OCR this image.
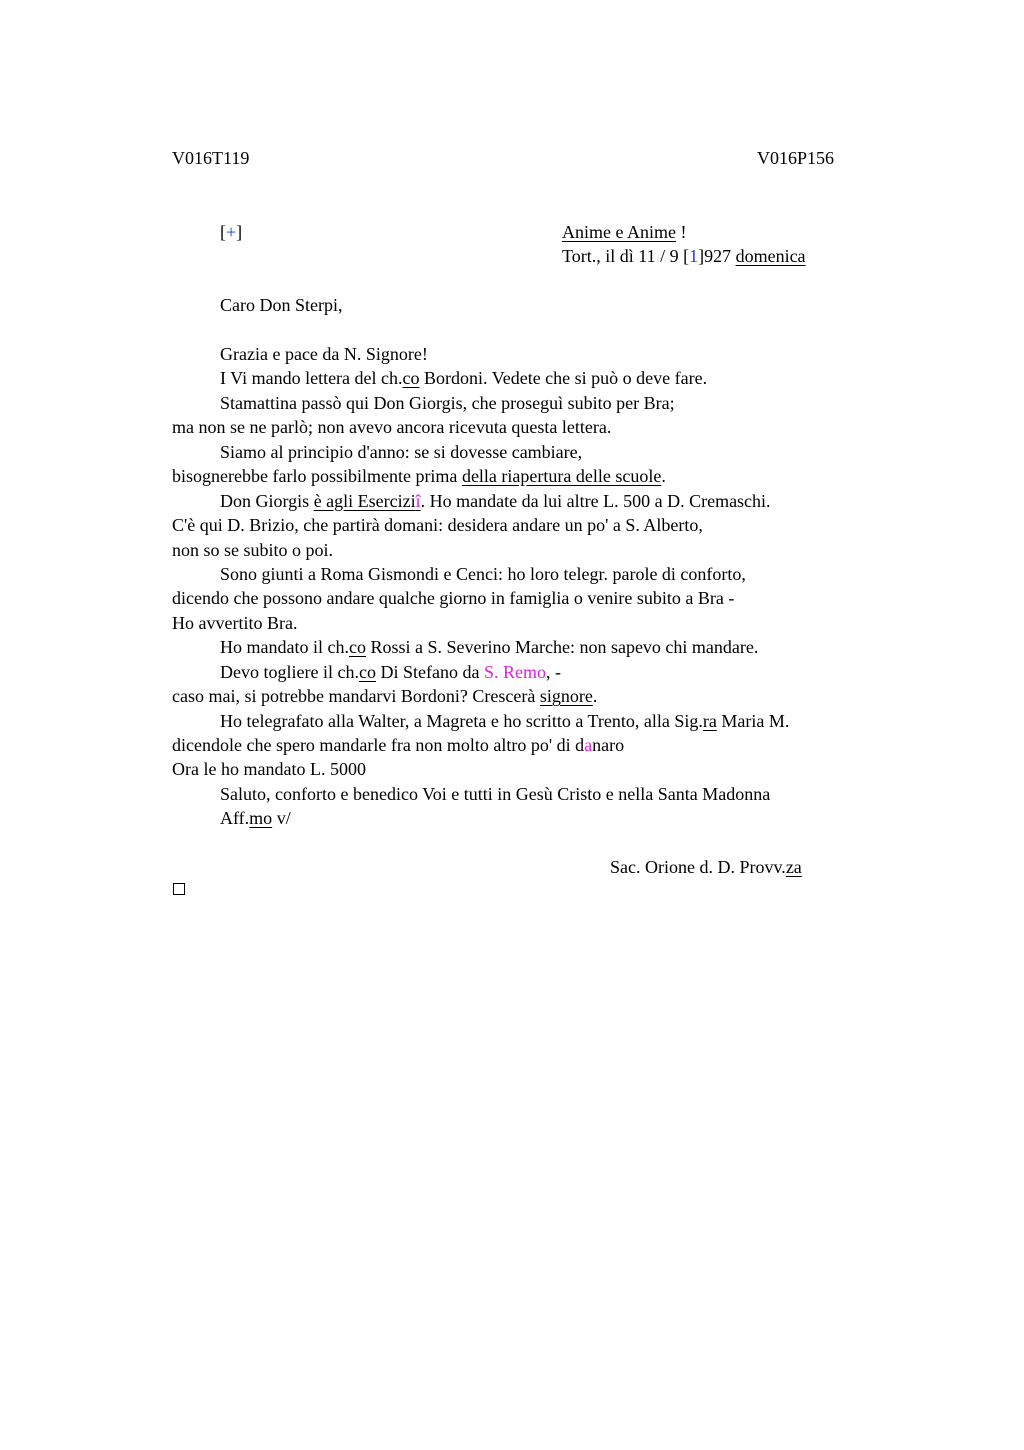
V016T119	V016P156
[+]	Anime e Anime !
Tort., il dì 11 / 9 [1]927 domenica
Caro Don Sterpi,
Grazia e pace da N. Signore!
I Vi mando lettera del ch.co Bordoni. Vedete che si può o deve fare.
Stamattina passò qui Don Giorgis, che proseguì subito per Bra;
ma non se ne parlò; non avevo ancora ricevuta questa lettera.
Siamo al principio d'anno: se si dovesse cambiare,
bisognerebbe farlo possibilmente prima della riapertura delle scuole.
Don Giorgis è agli Eserciziî. Ho mandate da lui altre L. 500 a D. Cremaschi.
C'è qui D. Brizio, che partirà domani: desidera andare un po' a S. Alberto,
non so se subito o poi.
Sono giunti a Roma Gismondi e Cenci: ho loro telegr. parole di conforto,
dicendo che possono andare qualche giorno in famiglia o venire subito a Bra -
Ho avvertito Bra.
Ho mandato il ch.co Rossi a S. Severino Marche: non sapevo chi mandare.
Devo togliere il ch.co Di Stefano da S. Remo, -
caso mai, si potrebbe mandarvi Bordoni? Crescerà signore.
Ho telegrafato alla Walter, a Magreta e ho scritto a Trento, alla Sig.ra Maria M.
dicendole che spero mandarle fra non molto altro po' di danaro
Ora le ho mandato L. 5000
Saluto, conforto e benedico Voi e tutti in Gesù Cristo e nella Santa Madonna
Aff.mo v/
Sac. Orione d. D. Provv.za
